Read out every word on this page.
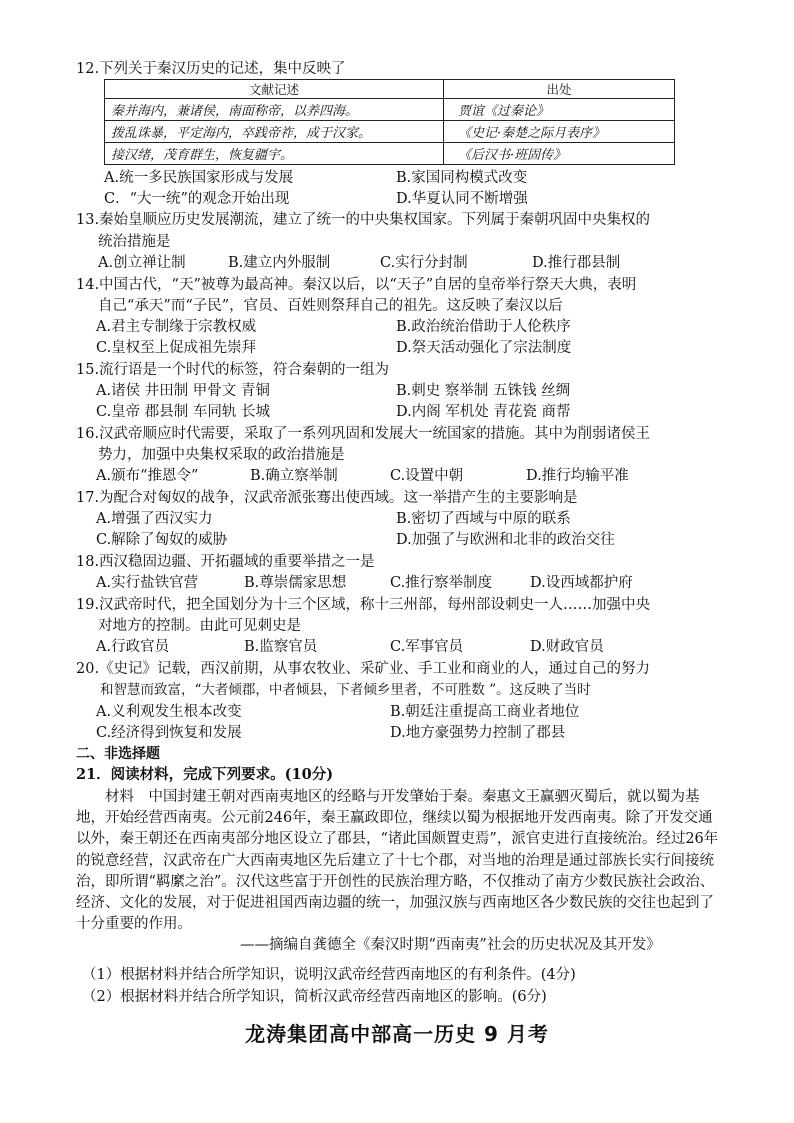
12.下列关于秦汉历史的记述，集中反映了
文献记述	出处
秦并海内，兼诸侯，南面称帝，以养四海。	贾谊《过秦论》
拨乱诛暴，平定海内，卒践帝祚，成于汉家。	《史记·秦楚之际月表序》
接汉绪，茂育群生，恢复疆宇。	《后汉书·班固传》
A.统一多民族国家形成与发展	B.家国同构模式改变
C．“大一统”的观念开始出现	D.华夏认同不断增强
13.秦始皇顺应历史发展潮流，建立了统一的中央集权国家。下列属于秦朝巩固中央集权的
统治措施是
A.创立禅让制	B.建立内外服制	C.实行分封制	D.推行郡县制
14.中国古代，“天”被尊为最高神。秦汉以后，以“天子”自居的皇帝举行祭天大典，表明
自己“承天”而“子民”，官员、百姓则祭拜自己的祖先。这反映了秦汉以后
A.君主专制缘于宗教权威	B.政治统治借助于人伦秩序
C.皇权至上促成祖先崇拜	D.祭天活动强化了宗法制度
15.流行语是一个时代的标签，符合秦朝的一组为
A.诸侯 井田制 甲骨文 青铜	B.刺史 察举制 五铢钱 丝绸
C.皇帝 郡县制 车同轨 长城	D.内阁 军机处 青花瓷 商帮
16.汉武帝顺应时代需要，采取了一系列巩固和发展大一统国家的措施。其中为削弱诸侯王
势力，加强中央集权采取的政治措施是
A.颁布“推恩令”	B.确立察举制	C.设置中朝	D.推行均输平准
17.为配合对匈奴的战争，汉武帝派张骞出使西域。这一举措产生的主要影响是
A.增强了西汉实力	B.密切了西域与中原的联系
C.解除了匈奴的威胁	D.加强了与欧洲和北非的政治交往
18.西汉稳固边疆、开拓疆域的重要举措之一是
A.实行盐铁官营	B.尊崇儒家思想	C.推行察举制度	D.设西域都护府
19.汉武帝时代，把全国划分为十三个区域，称十三州部，每州部设刺史一人……加强中央
对地方的控制。由此可见刺史是
A.行政官员	B.监察官员	C.军事官员	D.财政官员
20.《史记》记载，西汉前期，从事农牧业、采矿业、手工业和商业的人，通过自己的努力
和智慧而致富，“大者倾郡，中者倾县，下者倾乡里者，不可胜数 ”。这反映了当时
A.义利观发生根本改变	B.朝廷注重提高工商业者地位
C.经济得到恢复和发展	D.地方豪强势力控制了郡县
二、非选择题
21．阅读材料，完成下列要求。(10分)
材料　中国封建王朝对西南夷地区的经略与开发肇始于秦。秦惠文王赢驷灭蜀后，就以蜀为基地，开始经营西南夷。公元前246年，秦王赢政即位，继续以蜀为根据地开发西南夷。除了开发交通以外，秦王朝还在西南夷部分地区设立了郡县，“诸此国颇置吏焉”，派官吏进行直接统治。经过26年的锐意经营，汉武帝在广大西南夷地区先后建立了十七个郡，对当地的治理是通过部族长实行间接统治，即所谓“羁縻之治”。汉代这些富于开创性的民族治理方略，不仅推动了南方少数民族社会政治、经济、文化的发展，对于促进祖国西南边疆的统一，加强汉族与西南地区各少数民族的交往也起到了十分重要的作用。
——摘编自龚德全《秦汉时期“西南夷”社会的历史状况及其开发》
（1）根据材料并结合所学知识，说明汉武帝经营西南地区的有利条件。(4分)
（2）根据材料并结合所学知识，简析汉武帝经营西南地区的影响。(6分)
龙涛集团高中部高一历史 9 月考
